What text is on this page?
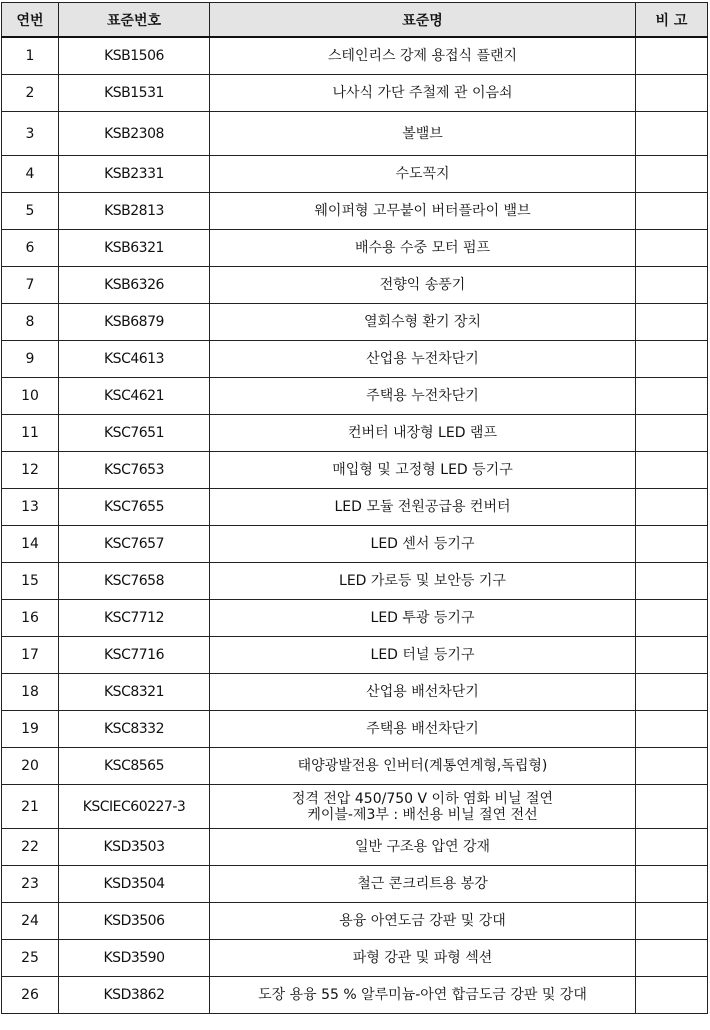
연번	표준번호	표준명	비 고
1	KSB1506	스테인리스 강제 용접식 플랜지	
2	KSB1531	나사식 가단 주철제 관 이음쇠	
3	KSB2308	볼밸브	
4	KSB2331	수도꼭지	
5	KSB2813	웨이퍼형 고무붙이 버터플라이 밸브	
6	KSB6321	배수용 수중 모터 펌프	
7	KSB6326	전향익 송풍기	
8	KSB6879	열회수형 환기 장치	
9	KSC4613	산업용 누전차단기	
10	KSC4621	주택용 누전차단기	
11	KSC7651	컨버터 내장형 LED 램프	
12	KSC7653	매입형 및 고정형 LED 등기구	
13	KSC7655	LED 모듈 전원공급용 컨버터	
14	KSC7657	LED 센서 등기구	
15	KSC7658	LED 가로등 및 보안등 기구	
16	KSC7712	LED 투광 등기구	
17	KSC7716	LED 터널 등기구	
18	KSC8321	산업용 배선차단기	
19	KSC8332	주택용 배선차단기	
20	KSC8565	태양광발전용 인버터(계통연계형,독립형)	
21	KSCIEC60227-3	정격 전압 450/750 V 이하 염화 비닐 절연
케이블-제3부 : 배선용 비닐 절연 전선	

22	KSD3503	일반 구조용 압연 강재	
23	KSD3504	철근 콘크리트용 봉강	
24	KSD3506	용융 아연도금 강판 및 강대	
25	KSD3590	파형 강관 및 파형 섹션	
26	KSD3862	도장 용융 55 % 알루미늄-아연 합금도금 강판 및 강대	
